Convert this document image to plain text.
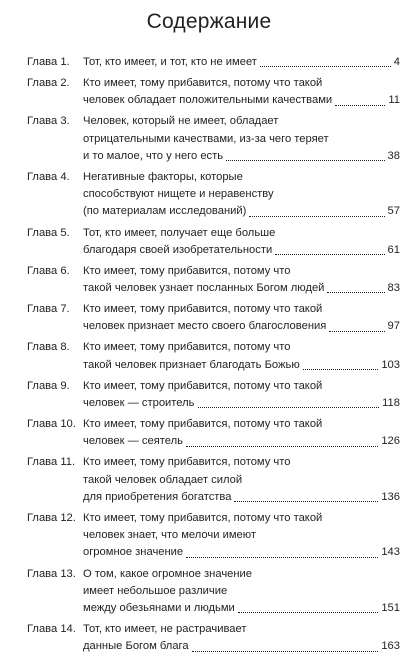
Содержание
Глава 1.	Тот, кто имеет, и тот, кто не имеет	4
Глава 2.	Кто имеет, тому прибавится, потому что такой
человек обладает положительными качествами	11
Глава 3.	Человек, который не имеет, обладает
отрицательными качествами, из-за чего теряет
и то малое, что у него есть	38
Глава 4.	Негативные факторы, которые
способствуют нищете и неравенству
(по материалам исследований)	57
Глава 5.	Тот, кто имеет, получает еще больше
благодаря своей изобретательности	61
Глава 6.	Кто имеет, тому прибавится, потому что
такой человек узнает посланных Богом людей	83
Глава 7.	Кто имеет, тому прибавится, потому что такой
человек признает место своего благословения	97
Глава 8.	Кто имеет, тому прибавится, потому что
такой человек признает благодать Божью	103
Глава 9.	Кто имеет, тому прибавится, потому что такой
человек — строитель	118
Глава 10. Кто имеет, тому прибавится, потому что такой
человек — сеятель	126
Глава 11. Кто имеет, тому прибавится, потому что
такой человек обладает силой
для приобретения богатства	136
Глава 12. Кто имеет, тому прибавится, потому что такой
человек знает, что мелочи имеют
огромное значение	143
Глава 13. О том, какое огромное значение
имеет небольшое различие
между обезьянами и людьми	151
Глава 14. Тот, кто имеет, не растрачивает
данные Богом блага	163
